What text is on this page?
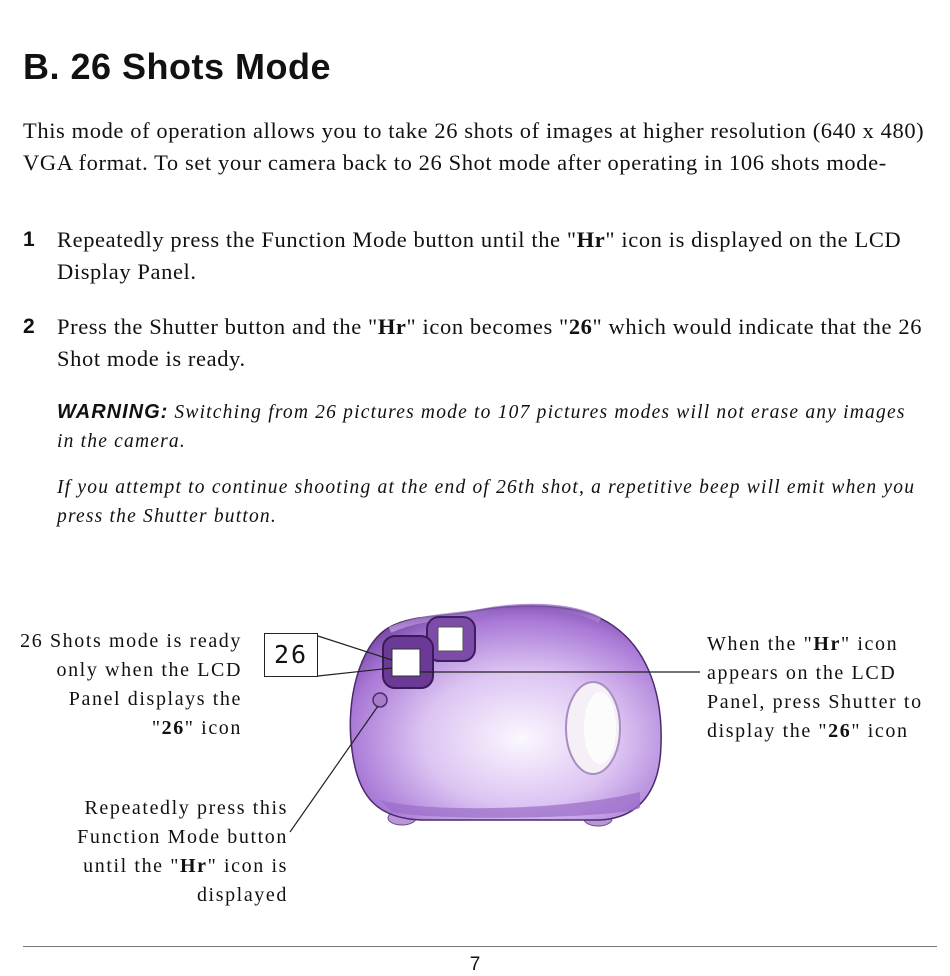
B. 26 Shots Mode
This mode of operation allows you to take 26 shots of images at higher resolution (640 x 480) VGA format. To set your camera back to 26 Shot mode after operating in 106 shots mode-
1 Repeatedly press the Function Mode button until the "Hr" icon is displayed on the LCD Display Panel.
2 Press the Shutter button and the "Hr" icon becomes "26" which would indicate that the 26 Shot mode is ready.
WARNING: Switching from 26 pictures mode to 107 pictures modes will not erase any images in the camera.
If you attempt to continue shooting at the end of 26th shot, a repetitive beep will emit when you press the Shutter button.
26
26 Shots mode is ready only when the LCD Panel displays the "26" icon
Repeatedly press this Function Mode button until the "Hr" icon is displayed
When the "Hr" icon appears on the LCD Panel, press Shutter to display the "26" icon
7
